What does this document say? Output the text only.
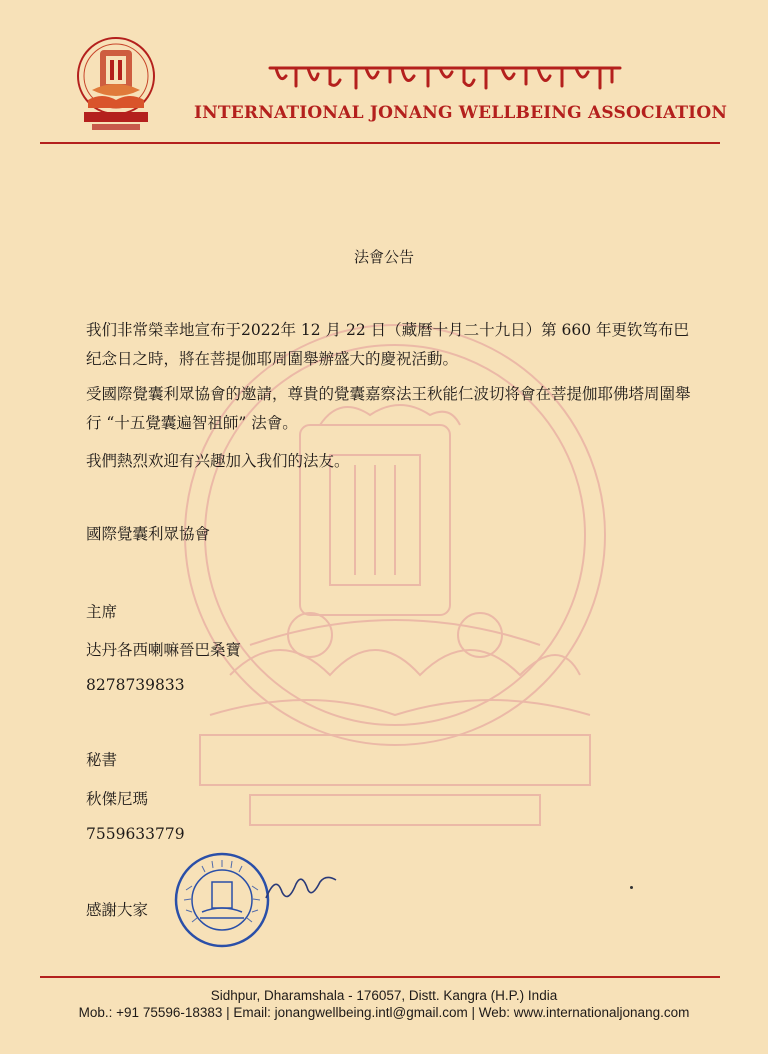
INTERNATIONAL JONANG WELLBEING ASSOCIATION
法會公告
我们非常榮幸地宣布于2022年 12 月 22 日（藏曆十月二十九日）第 660 年更钦笃布巴纪念日之時，將在菩提伽耶周圍舉辦盛大的慶祝活動。
受國際覺囊利眾協會的邀請，尊貴的覺囊嘉察法王秋能仁波切将會在菩提伽耶佛塔周圍舉行 “十五覺囊遍智祖師” 法會。
我們熱烈欢迎有兴趣加入我们的法友。
國際覺囊利眾協會
主席
达丹各西喇嘛晉巴桑寶
8278739833
秘書
秋傑尼瑪
7559633779
感謝大家
Sidhpur, Dharamshala - 176057, Distt. Kangra (H.P.) India
Mob.: +91 75596-18383 | Email: jonangwellbeing.intl@gmail.com | Web: www.internationaljonang.com
